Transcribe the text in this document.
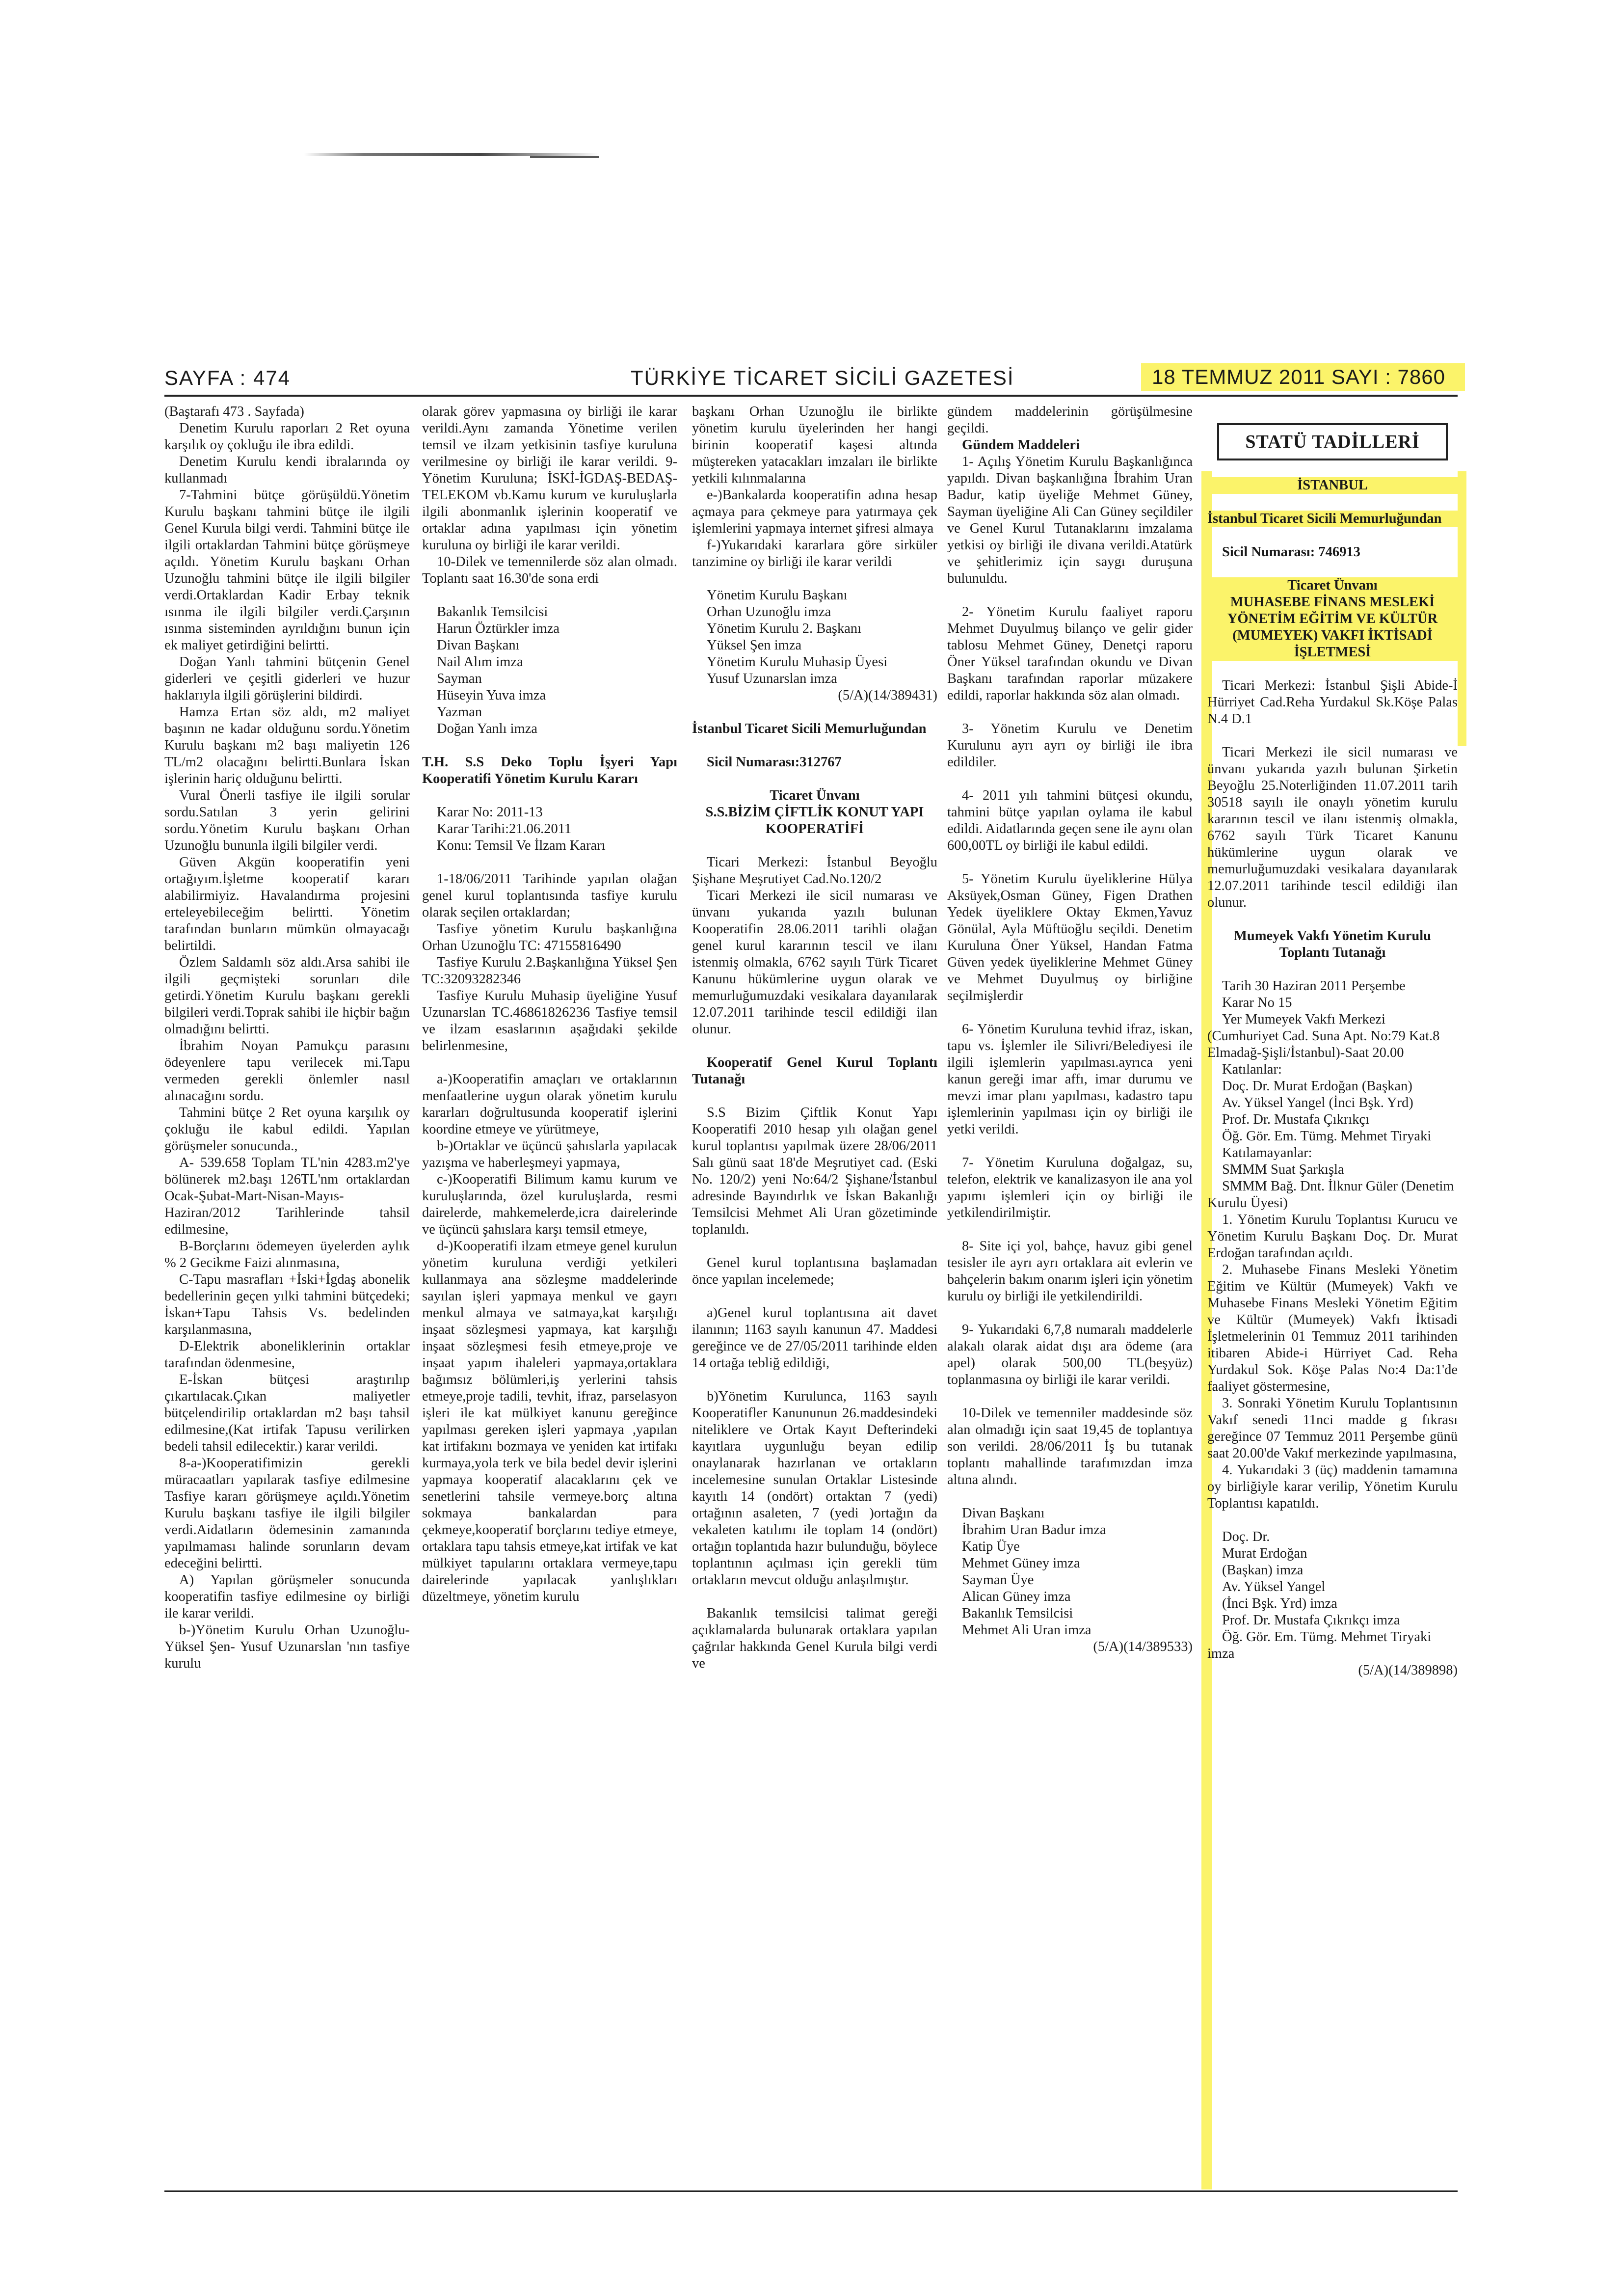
SAYFA : 474	TÜRKİYE TİCARET SİCİLİ GAZETESİ	18 TEMMUZ 2011 SAYI : 7860

(Baştarafı 473 . Sayfada)

Denetim Kurulu raporları 2 Ret oyuna karşılık oy çokluğu ile ibra edildi.

Denetim Kurulu kendi ibralarında oy kullanmadı

7-Tahmini bütçe görüşüldü.Yönetim Kurulu başkanı tahmini bütçe ile ilgili Genel Kurula bilgi verdi. Tahmini bütçe ile ilgili ortaklardan Tahmini bütçe görüşmeye açıldı. Yönetim Kurulu başkanı Orhan Uzunoğlu tahmini bütçe ile ilgili bilgiler verdi.Ortaklardan Kadir Erbay teknik ısınma ile ilgili bilgiler verdi.Çarşının ısınma sisteminden ayrıldığını bunun için ek maliyet getirdiğini belirtti.

Doğan Yanlı tahmini bütçenin Genel giderleri ve çeşitli giderleri ve huzur haklarıyla ilgili görüşlerini bildirdi.

Hamza Ertan söz aldı, m2 maliyet başının ne kadar olduğunu sordu.Yönetim Kurulu başkanı m2 başı maliyetin 126 TL/m2 olacağını belirtti.Bunlara İskan işlerinin hariç olduğunu belirtti.

Vural Önerli tasfiye ile ilgili sorular sordu.Satılan 3 yerin gelirini sordu.Yönetim Kurulu başkanı Orhan Uzunoğlu bununla ilgili bilgiler verdi.

Güven Akgün kooperatifin yeni ortağıyım.İşletme kooperatif kararı alabilirmiyiz. Havalandırma projesini erteleyebileceğim belirtti. Yönetim tarafından bunların mümkün olmayacağı belirtildi.

Özlem Saldamlı söz aldı.Arsa sahibi ile ilgili geçmişteki sorunları dile getirdi.Yönetim Kurulu başkanı gerekli bilgileri verdi.Toprak sahibi ile hiçbir bağın olmadığını belirtti.

İbrahim Noyan Pamukçu parasını ödeyenlere tapu verilecek mi.Tapu vermeden gerekli önlemler nasıl alınacağını sordu.

Tahmini bütçe 2 Ret oyuna karşılık oy çokluğu ile kabul edildi. Yapılan görüşmeler sonucunda.,

A- 539.658 Toplam TL'nin 4283.m2'ye bölünerek m2.başı 126TL'nm ortaklardan Ocak-Şubat-Mart-Nisan-Mayıs-Haziran/2012 Tarihlerinde tahsil edilmesine,

B-Borçlarını ödemeyen üyelerden aylık % 2 Gecikme Faizi alınmasına,

C-Tapu masrafları +İski+İgdaş abonelik bedellerinin geçen yılki tahmini bütçedeki; İskan+Tapu Tahsis Vs. bedelinden karşılanmasına,

D-Elektrik aboneliklerinin ortaklar tarafından ödenmesine,

E-İskan bütçesi araştırılıp çıkartılacak.Çıkan maliyetler bütçelendirilip ortaklardan m2 başı tahsil edilmesine,(Kat irtifak Tapusu verilirken bedeli tahsil edilecektir.) karar verildi.

8-a-)Kooperatifimizin gerekli müracaatları yapılarak tasfiye edilmesine Tasfiye kararı görüşmeye açıldı.Yönetim Kurulu başkanı tasfiye ile ilgili bilgiler verdi.Aidatların ödemesinin zamanında yapılmaması halinde sorunların devam edeceğini belirtti.

A) Yapılan görüşmeler sonucunda kooperatifin tasfiye edilmesine oy birliği ile karar verildi.

b-)Yönetim Kurulu Orhan Uzunoğlu- Yüksel Şen- Yusuf Uzunarslan 'nın tasfiye kurulu

olarak görev yapmasına oy birliği ile karar verildi.Aynı zamanda Yönetime verilen temsil ve ilzam yetkisinin tasfiye kuruluna verilmesine oy birliği ile karar verildi. 9-Yönetim Kuruluna; İSKİ-İGDAŞ-BEDAŞ-TELEKOM vb.Kamu kurum ve kuruluşlarla ilgili abonmanlık işlerinin kooperatif ve ortaklar adına yapılması için yönetim kuruluna oy birliği ile karar verildi.

10-Dilek ve temennilerde söz alan olmadı. Toplantı saat 16.30'de sona erdi

Bakanlık Temsilcisi

Harun Öztürkler imza

Divan Başkanı

Nail Alım imza

Sayman

Hüseyin Yuva imza

Yazman

Doğan Yanlı imza

T.H. S.S Deko Toplu İşyeri Yapı Kooperatifi Yönetim Kurulu Kararı

Karar No: 2011-13

Karar Tarihi:21.06.2011

Konu: Temsil Ve İlzam Kararı

1-18/06/2011 Tarihinde yapılan olağan genel kurul toplantısında tasfiye kurulu olarak seçilen ortaklardan;

Tasfiye yönetim Kurulu başkanlığına Orhan Uzunoğlu TC: 47155816490

Tasfiye Kurulu 2.Başkanlığına Yüksel Şen TC:32093282346

Tasfiye Kurulu Muhasip üyeliğine Yusuf Uzunarslan TC.46861826236 Tasfiye temsil ve ilzam esaslarının aşağıdaki şekilde belirlenmesine,

a-)Kooperatifin amaçları ve ortaklarının menfaatlerine uygun olarak yönetim kurulu kararları doğrultusunda kooperatif işlerini koordine etmeye ve yürütmeye,

b-)Ortaklar ve üçüncü şahıslarla yapılacak yazışma ve haberleşmeyi yapmaya,

c-)Kooperatifi Bilimum kamu kurum ve kuruluşlarında, özel kuruluşlarda, resmi dairelerde, mahkemelerde,icra dairelerinde ve üçüncü şahıslara karşı temsil etmeye,

d-)Kooperatifi ilzam etmeye genel kurulun yönetim kuruluna verdiği yetkileri kullanmaya ana sözleşme maddelerinde sayılan işleri yapmaya menkul ve gayrı menkul almaya ve satmaya,kat karşılığı inşaat sözleşmesi yapmaya, kat karşılığı inşaat sözleşmesi fesih etmeye,proje ve inşaat yapım ihaleleri yapmaya,ortaklara bağımsız bölümleri,iş yerlerini tahsis etmeye,proje tadili, tevhit, ifraz, parselasyon işleri ile kat mülkiyet kanunu gereğince yapılması gereken işleri yapmaya ,yapılan kat irtifakını bozmaya ve yeniden kat irtifakı kurmaya,yola terk ve bila bedel devir işlerini yapmaya kooperatif alacaklarını çek ve senetlerini tahsile vermeye.borç altına sokmaya bankalardan para çekmeye,kooperatif borçlarını tediye etmeye, ortaklara tapu tahsis etmeye,kat irtifak ve kat mülkiyet tapularını ortaklara vermeye,tapu dairelerinde yapılacak yanlışlıkları düzeltmeye, yönetim kurulu

başkanı Orhan Uzunoğlu ile birlikte yönetim kurulu üyelerinden her hangi birinin kooperatif kaşesi altında müştereken yatacakları imzaları ile birlikte yetkili kılınmalarına

e-)Bankalarda kooperatifin adına hesap açmaya para çekmeye para yatırmaya çek işlemlerini yapmaya internet şifresi almaya

f-)Yukarıdaki kararlara göre sirküler tanzimine oy birliği ile karar verildi

Yönetim Kurulu Başkanı

Orhan Uzunoğlu imza

Yönetim Kurulu 2. Başkanı

Yüksel Şen imza

Yönetim Kurulu Muhasip Üyesi

Yusuf Uzunarslan imza

(5/A)(14/389431)

İstanbul Ticaret Sicili Memurluğundan

Sicil Numarası:312767

Ticaret Ünvanı

S.S.BİZİM ÇİFTLİK KONUT YAPI KOOPERATİFİ

Ticari Merkezi: İstanbul Beyoğlu Şişhane Meşrutiyet Cad.No.120/2

Ticari Merkezi ile sicil numarası ve ünvanı yukarıda yazılı bulunan Kooperatifin 28.06.2011 tarihli olağan genel kurul kararının tescil ve ilanı istenmiş olmakla, 6762 sayılı Türk Ticaret Kanunu hükümlerine uygun olarak ve memurluğumuzdaki vesikalara dayanılarak 12.07.2011 tarihinde tescil edildiği ilan olunur.

Kooperatif Genel Kurul Toplantı Tutanağı

S.S Bizim Çiftlik Konut Yapı Kooperatifi 2010 hesap yılı olağan genel kurul toplantısı yapılmak üzere 28/06/2011 Salı günü saat 18'de Meşrutiyet cad. (Eski No. 120/2) yeni No:64/2 Şişhane/İstanbul adresinde Bayındırlık ve İskan Bakanlığı Temsilcisi Mehmet Ali Uran gözetiminde toplanıldı.

Genel kurul toplantısına başlamadan önce yapılan incelemede;

a)Genel kurul toplantısına ait davet ilanının; 1163 sayılı kanunun 47. Maddesi gereğince ve de 27/05/2011 tarihinde elden 14 ortağa tebliğ edildiği,

b)Yönetim Kurulunca, 1163 sayılı Kooperatifler Kanununun 26.maddesindeki niteliklere ve Ortak Kayıt Defterindeki kayıtlara uygunluğu beyan edilip onaylanarak hazırlanan ve ortakların incelemesine sunulan Ortaklar Listesinde kayıtlı 14 (ondört) ortaktan 7 (yedi) ortağının asaleten, 7 (yedi )ortağın da vekaleten katılımı ile toplam 14 (ondört) ortağın toplantıda hazır bulunduğu, böylece toplantının açılması için gerekli tüm ortakların mevcut olduğu anlaşılmıştır.

Bakanlık temsilcisi talimat gereği açıklamalarda bulunarak ortaklara yapılan çağrılar hakkında Genel Kurula bilgi verdi ve

gündem maddelerinin görüşülmesine geçildi.

Gündem Maddeleri

1- Açılış Yönetim Kurulu Başkanlığınca yapıldı. Divan başkanlığına İbrahim Uran Badur, katip üyeliğe Mehmet Güney, Sayman üyeliğine Ali Can Güney seçildiler ve Genel Kurul Tutanaklarını imzalama yetkisi oy birliği ile divana verildi.Atatürk ve şehitlerimiz için saygı duruşuna bulunuldu.

2- Yönetim Kurulu faaliyet raporu Mehmet Duyulmuş bilanço ve gelir gider tablosu Mehmet Güney, Denetçi raporu Öner Yüksel tarafından okundu ve Divan Başkanı tarafından raporlar müzakere edildi, raporlar hakkında söz alan olmadı.

3- Yönetim Kurulu ve Denetim Kurulunu ayrı ayrı oy birliği ile ibra edildiler.

4- 2011 yılı tahmini bütçesi okundu, tahmini bütçe yapılan oylama ile kabul edildi. Aidatlarında geçen sene ile aynı olan 600,00TL oy birliği ile kabul edildi.

5- Yönetim Kurulu üyeliklerine Hülya Aksüyek,Osman Güney, Figen Drathen Yedek üyeliklere Oktay Ekmen,Yavuz Gönülal, Ayla Müftüoğlu seçildi. Denetim Kuruluna Öner Yüksel, Handan Fatma Güven yedek üyeliklerine Mehmet Güney ve Mehmet Duyulmuş oy birliğine seçilmişlerdir

6- Yönetim Kuruluna tevhid ifraz, iskan, tapu vs. İşlemler ile Silivri/Belediyesi ile ilgili işlemlerin yapılması.ayrıca yeni kanun gereği imar affı, imar durumu ve mevzi imar planı yapılması, kadastro tapu işlemlerinin yapılması için oy birliği ile yetki verildi.

7- Yönetim Kuruluna doğalgaz, su, telefon, elektrik ve kanalizasyon ile ana yol yapımı işlemleri için oy birliği ile yetkilendirilmiştir.

8- Site içi yol, bahçe, havuz gibi genel tesisler ile ayrı ayrı ortaklara ait evlerin ve bahçelerin bakım onarım işleri için yönetim kurulu oy birliği ile yetkilendirildi.

9- Yukarıdaki 6,7,8 numaralı maddelerle alakalı olarak aidat dışı ara ödeme (ara apel) olarak 500,00 TL(beşyüz) toplanmasına oy birliği ile karar verildi.

10-Dilek ve temenniler maddesinde söz alan olmadığı için saat 19,45 de toplantıya son verildi. 28/06/2011 İş bu tutanak toplantı mahallinde tarafımızdan imza altına alındı.

Divan Başkanı

İbrahim Uran Badur imza

Katip Üye

Mehmet Güney imza

Sayman Üye

Alican Güney imza

Bakanlık Temsilcisi

Mehmet Ali Uran imza

(5/A)(14/389533)

STATÜ TADİLLERİ

İSTANBUL

İstanbul Ticaret Sicili Memurluğundan

Sicil Numarası: 746913

Ticaret Ünvanı

MUHASEBE FİNANS MESLEKİ YÖNETİM EĞİTİM VE KÜLTÜR (MUMEYEK) VAKFI İKTİSADİ İŞLETMESİ

Ticari Merkezi: İstanbul Şişli Abide-İ Hürriyet Cad.Reha Yurdakul Sk.Köşe Palas N.4 D.1

Ticari Merkezi ile sicil numarası ve ünvanı yukarıda yazılı bulunan Şirketin Beyoğlu 25.Noterliğinden 11.07.2011 tarih 30518 sayılı ile onaylı yönetim kurulu kararının tescil ve ilanı istenmiş olmakla, 6762 sayılı Türk Ticaret Kanunu hükümlerine uygun olarak ve memurluğumuzdaki vesikalara dayanılarak 12.07.2011 tarihinde tescil edildiği ilan olunur.

Mumeyek Vakfı Yönetim Kurulu Toplantı Tutanağı

Tarih 30 Haziran 2011 Perşembe

Karar No 15

Yer Mumeyek Vakfı Merkezi (Cumhuriyet Cad. Suna Apt. No:79 Kat.8 Elmadağ-Şişli/İstanbul)-Saat 20.00

Katılanlar:

Doç. Dr. Murat Erdoğan (Başkan)

Av. Yüksel Yangel (İnci Bşk. Yrd)

Prof. Dr. Mustafa Çıkrıkçı

Öğ. Gör. Em. Tümg. Mehmet Tiryaki

Katılamayanlar:

SMMM Suat Şarkışla

SMMM Bağ. Dnt. İlknur Güler (Denetim Kurulu Üyesi)

1. Yönetim Kurulu Toplantısı Kurucu ve Yönetim Kurulu Başkanı Doç. Dr. Murat Erdoğan tarafından açıldı.

2. Muhasebe Finans Mesleki Yönetim Eğitim ve Kültür (Mumeyek) Vakfı ve Muhasebe Finans Mesleki Yönetim Eğitim ve Kültür (Mumeyek) Vakfı İktisadi İşletmelerinin 01 Temmuz 2011 tarihinden itibaren Abide-i Hürriyet Cad. Reha Yurdakul Sok. Köşe Palas No:4 Da:1'de faaliyet göstermesine,

3. Sonraki Yönetim Kurulu Toplantısının Vakıf senedi 11nci madde g fıkrası gereğince 07 Temmuz 2011 Perşembe günü saat 20.00'de Vakıf merkezinde yapılmasına,

4. Yukarıdaki 3 (üç) maddenin tamamına oy birliğiyle karar verilip, Yönetim Kurulu Toplantısı kapatıldı.

Doç. Dr.

Murat Erdoğan

(Başkan) imza

Av. Yüksel Yangel

(İnci Bşk. Yrd) imza

Prof. Dr. Mustafa Çıkrıkçı imza

Öğ. Gör. Em. Tümg. Mehmet Tiryaki imza

(5/A)(14/389898)
